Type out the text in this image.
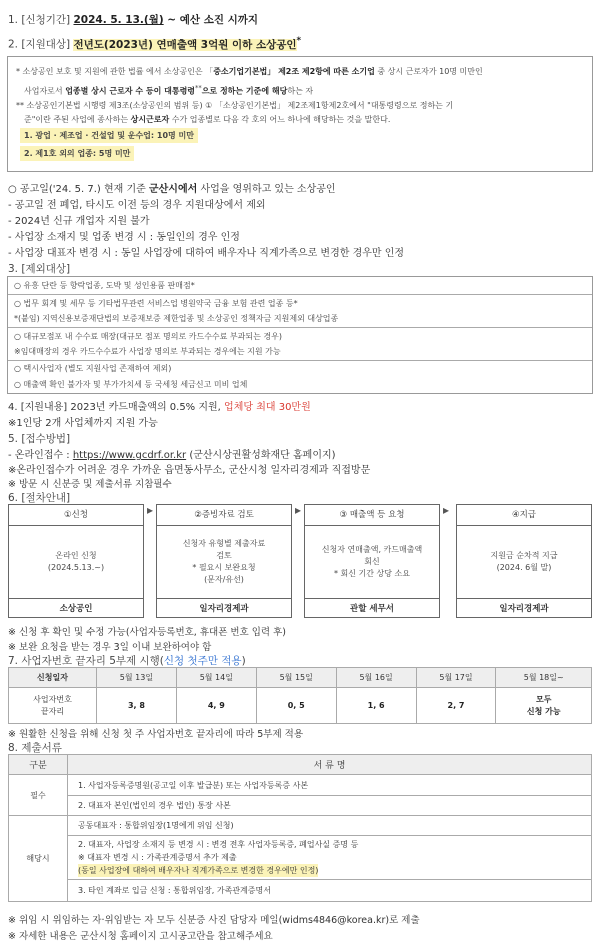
1. [신청기간] 2024. 5. 13.(월) ~ 예산 소진 시까지
2. [지원대상] 전년도(2023년) 연매출액 3억원 이하 소상공인*
* 소상공인 보호 및 지원에 관한 법률 에서 소상공인은 「중소기업기본법」 제2조 제2항에 따른 소기업 중 상시 근로자가 10명 미만인
사업자로서 업종별 상시 근로자 수 등이 대통령령**으로 정하는 기준에 해당하는 자
** 소상공인기본법 시행령 제3조(소상공인의 범위 등) ① 「소상공인기본법」 제2조제1항제2호에서 "대통령령으로 정하는 기
준"이란 주된 사업에 종사하는 상시근로자 수가 업종별로 다음 각 호의 어느 하나에 해당하는 것을 말한다.
1. 광업 · 제조업 · 건설업 및 운수업: 10명 미만
2. 제1호 외의 업종: 5명 미만
○ 공고일('24. 5. 7.) 현재 기준 군산시에서 사업을 영위하고 있는 소상공인
- 공고일 전 폐업, 타시도 이전 등의 경우 지원대상에서 제외
- 2024년 신규 개업자 지원 불가
- 사업장 소재지 및 업종 변경 시 : 동일인의 경우 인정
- 사업장 대표자 변경 시 : 동일 사업장에 대하여 배우자나 직계가족으로 변경한 경우만 인정
3. [제외대상]
○ 유흥 단란 등 향락업종, 도박 및 성인용품 판매점*
○ 법무 회계 및 세무 등 기타법무관련 서비스업 병원약국 금융 보험 관련 업종 등*
*(붙임) 지역신용보증재단법의 보증재보증 제한업종 및 소상공인 정책자금 지원제외 대상업종
○ 대규모점포 내 수수료 매장(대규모 점포 명의로 카드수수료 부과되는 경우)
※임대매장의 경우 카드수수료가 사업장 명의로 부과되는 경우에는 지원 가능
○ 택시사업자 (별도 지원사업 존재하여 제외)
○ 매출액 확인 불가자 및 부가가치세 등 국세청 세금신고 미비 업체
4. [지원내용] 2023년 카드매출액의 0.5% 지원, 업체당 최대 30만원
※1인당 2개 사업체까지 지원 가능
5. [접수방법]
- 온라인접수 : https://www.gcdrf.or.kr (군산시상권활성화재단 홈페이지)
※온라인접수가 어려운 경우 가까운 읍면동사무소, 군산시청 일자리경제과 직접방문
※ 방문 시 신분증 및 제출서류 지참필수
6. [절차안내]
①신청
온라인 신청
(2024.5.13.~)
소상공인
▸	②증빙자료 검토
신청자 유형별 제출자료
검토
* 필요시 보완요청
(문자/유선)
일자리경제과
▸	③ 매출액 등 요청
신청자 연매출액, 카드매출액
회신
* 회신 기간 상당 소요
관할 세무서
▸	④지급
지원금 순차적 지급
(2024. 6월 말)
일자리경제과
※ 신청 후 확인 및 수정 가능(사업자등록번호, 휴대폰 번호 입력 후)
※ 보완 요청을 받는 경우 3일 이내 보완하여야 함
7. 사업자번호 끝자리 5부제 시행(신청 첫주만 적용)
신청일자	5월 13일	5월 14일	5월 15일	5월 16일	5월 17일	5월 18일~
사업자번호
끝자리	3, 8	4, 9	0, 5	1, 6	2, 7	모두
신청 가능
※ 원활한 신청을 위해 신청 첫 주 사업자번호 끝자리에 따라 5부제 적용
8. 제출서류
구분	서 류 명
필수	1. 사업자등록증명원(공고일 이후 발급분) 또는 사업자등록증 사본
	2. 대표자 본인(법인의 경우 법인) 통장 사본
해당시	공동대표자 : 통합위임장(1명에게 위임 신청)

	2. 대표자, 사업장 소재지 등 변경 시 : 변경 전후 사업자등록증, 폐업사실 증명 등
※ 대표자 변경 시 : 가족관계증명서 추가 제출
(동일 사업장에 대하여 배우자나 직계가족으로 변경한 경우에만 인정)
	3. 타인 계좌로 입금 신청 : 통합위임장, 가족관계증명서
※ 위임 시 위임하는 자·위임받는 자 모두 신분증 사진 담당자 메일(widms4846@korea.kr)로 제출
※ 자세한 내용은 군산시청 홈페이지 고시공고란을 참고해주세요
